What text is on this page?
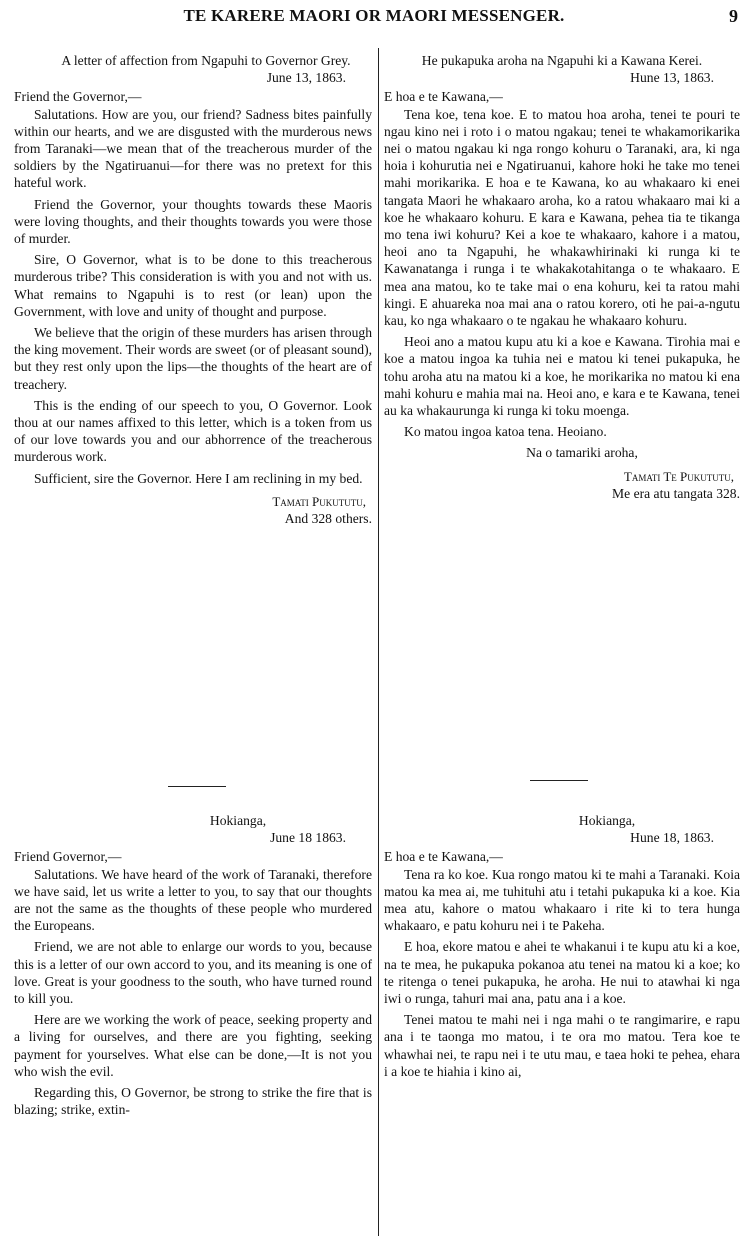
TE KARERE MAORI OR MAORI MESSENGER.	9
A letter of affection from Ngapuhi to Governor Grey.
June 13, 1863.
Friend the Governor,—

Salutations. How are you, our friend? Sadness bites painfully within our hearts, and we are disgusted with the murderous news from Taranaki—we mean that of the treacherous murder of the soldiers by the Ngatiruanui—for there was no pretext for this hateful work.

Friend the Governor, your thoughts towards these Maoris were loving thoughts, and their thoughts towards you were those of murder.

Sire, O Governor, what is to be done to this treacherous murderous tribe? This consideration is with you and not with us. What remains to Ngapuhi is to rest (or lean) upon the Government, with love and unity of thought and purpose.

We believe that the origin of these murders has arisen through the king movement. Their words are sweet (or of pleasant sound), but they rest only upon the lips—the thoughts of the heart are of treachery.

This is the ending of our speech to you, O Governor. Look thou at our names affixed to this letter, which is a token from us of our love towards you and our abhorrence of the treacherous murderous work.

Sufficient, sire the Governor. Here I am reclining in my bed.

Tamati Pukututu,
And 328 others.
Hokianga,
June 18 1863.
Friend Governor,—

Salutations. We have heard of the work of Taranaki, therefore we have said, let us write a letter to you, to say that our thoughts are not the same as the thoughts of these people who murdered the Europeans.

Friend, we are not able to enlarge our words to you, because this is a letter of our own accord to you, and its meaning is one of love. Great is your goodness to the south, who have turned round to kill you.

Here are we working the work of peace, seeking property and a living for ourselves, and there are you fighting, seeking payment for yourselves. What else can be done,—It is not you who wish the evil.

Regarding this, O Governor, be strong to strike the fire that is blazing; strike, extin-

He pukapuka aroha na Ngapuhi ki a Kawana Kerei.
Hune 13, 1863.
E hoa e te Kawana,—

Tena koe, tena koe. E to matou hoa aroha, tenei te pouri te ngau kino nei i roto i o matou ngakau; tenei te whakamorikarika nei o matou ngakau ki nga rongo kohuru o Taranaki, ara, ki nga hoia i kohurutia nei e Ngatiruanui, kahore hoki he take mo tenei mahi morikarika. E hoa e te Kawana, ko au whakaaro ki enei tangata Maori he whakaaro aroha, ko a ratou whakaaro mai ki a koe he whakaaro kohuru. E kara e Kawana, pehea tia te tikanga mo tena iwi kohuru? Kei a koe te whakaaro, kahore i a matou, heoi ano ta Ngapuhi, he whakawhirinaki ki runga ki te Kawanatanga i runga i te whakakotahitanga o te whakaaro. E mea ana matou, ko te take mai o ena kohuru, kei ta ratou mahi kingi. E ahuareka noa mai ana o ratou korero, oti he pai-a-ngutu kau, ko nga whakaaro o te ngakau he whakaaro kohuru.

Heoi ano a matou kupu atu ki a koe e Kawana. Tirohia mai e koe a matou ingoa ka tuhia nei e matou ki tenei pukapuka, he tohu aroha atu na matou ki a koe, he morikarika no matou ki ena mahi kohuru e mahia mai na. Heoi ano, e kara e te Kawana, tenei au ka whakaurunga ki runga ki toku moenga.

Ko matou ingoa katoa tena. Heoiano.

Na o tamariki aroha,
Tamati Te Pukututu,
Me era atu tangata 328.
Hokianga,
Hune 18, 1863.
E hoa e te Kawana,—

Tena ra ko koe. Kua rongo matou ki te mahi a Taranaki. Koia matou ka mea ai, me tuhituhi atu i tetahi pukapuka ki a koe. Kia mea atu, kahore o matou whakaaro i rite ki to tera hunga whakaaro, e patu kohuru nei i te Pakeha.

E hoa, ekore matou e ahei te whakanui i te kupu atu ki a koe, na te mea, he pukapuka pokanoa atu tenei na matou ki a koe; ko te ritenga o tenei pukapuka, he aroha. He nui to atawhai ki nga iwi o runga, tahuri mai ana, patu ana i a koe.

Tenei matou te mahi nei i nga mahi o te rangimarire, e rapu ana i te taonga mo matou, i te ora mo matou. Tera koe te whawhai nei, te rapu nei i te utu mau, e taea hoki te pehea, ehara i a koe te hiahia i kino ai,
